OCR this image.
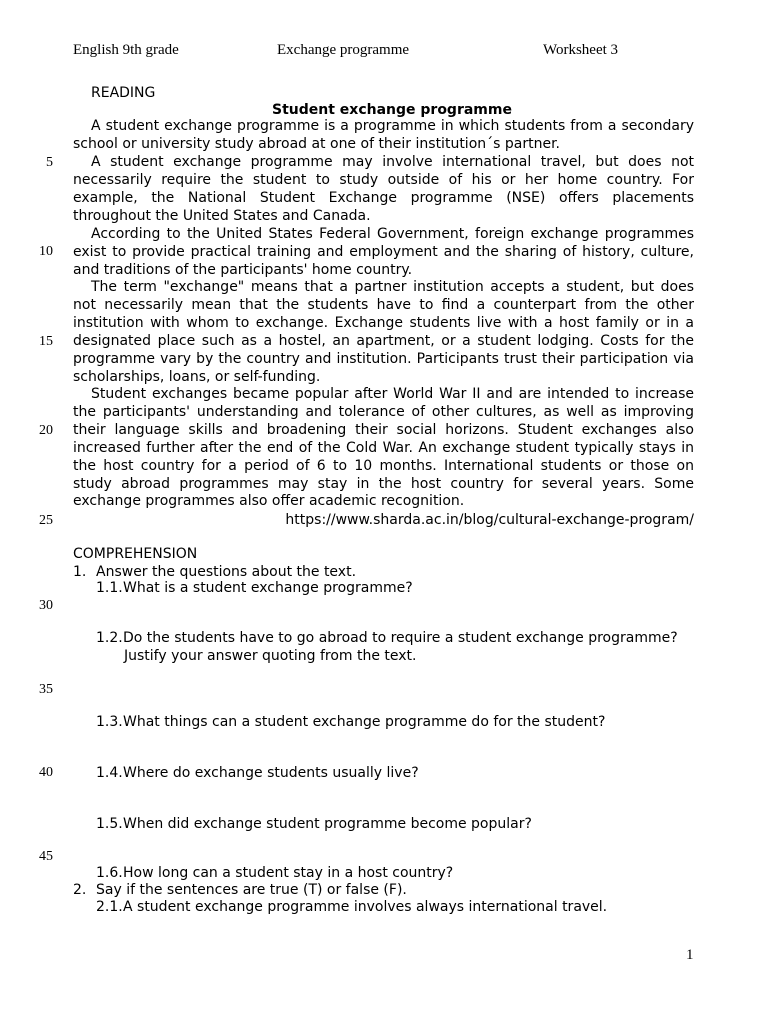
English 9th grade	Exchange programme	Worksheet 3
5
10
15
20
25
30
35
40
45
READING
Student exchange programme

A student exchange programme is a programme in which students from a secondary school or university study abroad at one of their institution´s partner.

A student exchange programme may involve international travel, but does not necessarily require the student to study outside of his or her home country. For example, the National Student Exchange programme (NSE) offers placements throughout the United States and Canada.

According to the United States Federal Government, foreign exchange programmes exist to provide practical training and employment and the sharing of history, culture, and traditions of the participants' home country.

The term "exchange" means that a partner institution accepts a student, but does not necessarily mean that the students have to find a counterpart from the other institution with whom to exchange. Exchange students live with a host family or in a designated place such as a hostel, an apartment, or a student lodging. Costs for the programme vary by the country and institution. Participants trust their participation via scholarships, loans, or self-funding.

Student exchanges became popular after World War II and are intended to increase the participants' understanding and tolerance of other cultures, as well as improving their language skills and broadening their social horizons. Student exchanges also increased further after the end of the Cold War. An exchange student typically stays in the host country for a period of 6 to 10 months. International students or those on study abroad programmes may stay in the host country for several years. Some exchange programmes also offer academic recognition.

https://www.sharda.ac.in/blog/cultural-exchange-program/
COMPREHENSION
1. Answer the questions about the text.
1.1.What is a student exchange programme?
1.2.Do the students have to go abroad to require a student exchange programme?
Justify your answer quoting from the text.
1.3.What things can a student exchange programme do for the student?
1.4.Where do exchange students usually live?
1.5.When did exchange student programme become popular?
1.6.How long can a student stay in a host country?
2. Say if the sentences are true (T) or false (F).
2.1.A student exchange programme involves always international travel.
1
